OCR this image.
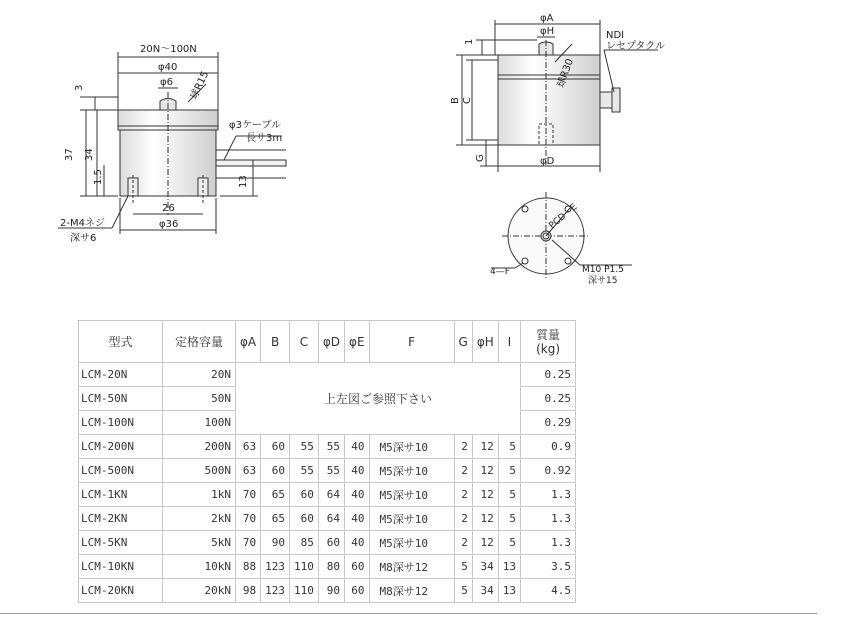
20N～100N
φ40
φ6 球R15
3
37 34
1.5	13
26
φ36
φ3ケーブル
長サ3m
2-M4ネジ
深サ6
φA
φH
1
球R30
B C
G	φD
NDI
レセプタクル
PCD・E
4—F	M10 P1.5
深サ15
型式	定格容量	φA	B	C	φD	φE	F	G	φH	I	質量
(kg)

LCM-20N	20N	上左図ご参照下さい									0.25
LCM-50N	50N										0.25
LCM-100N	100N										0.29
LCM-200N	200N	63	60	55	55	40	M5深サ10	2	12	5	0.9
LCM-500N	500N	63	60	55	55	40	M5深サ10	2	12	5	0.92
LCM-1KN	1kN	70	65	60	64	40	M5深サ10	2	12	5	1.3
LCM-2KN	2kN	70	65	60	64	40	M5深サ10	2	12	5	1.3
LCM-5KN	5kN	70	90	85	60	40	M5深サ10	2	12	5	1.3
LCM-10KN	10kN	88	123	110	80	60	M8深サ12	5	34	13	3.5
LCM-20KN	20kN	98	123	110	90	60	M8深サ12	5	34	13	4.5
